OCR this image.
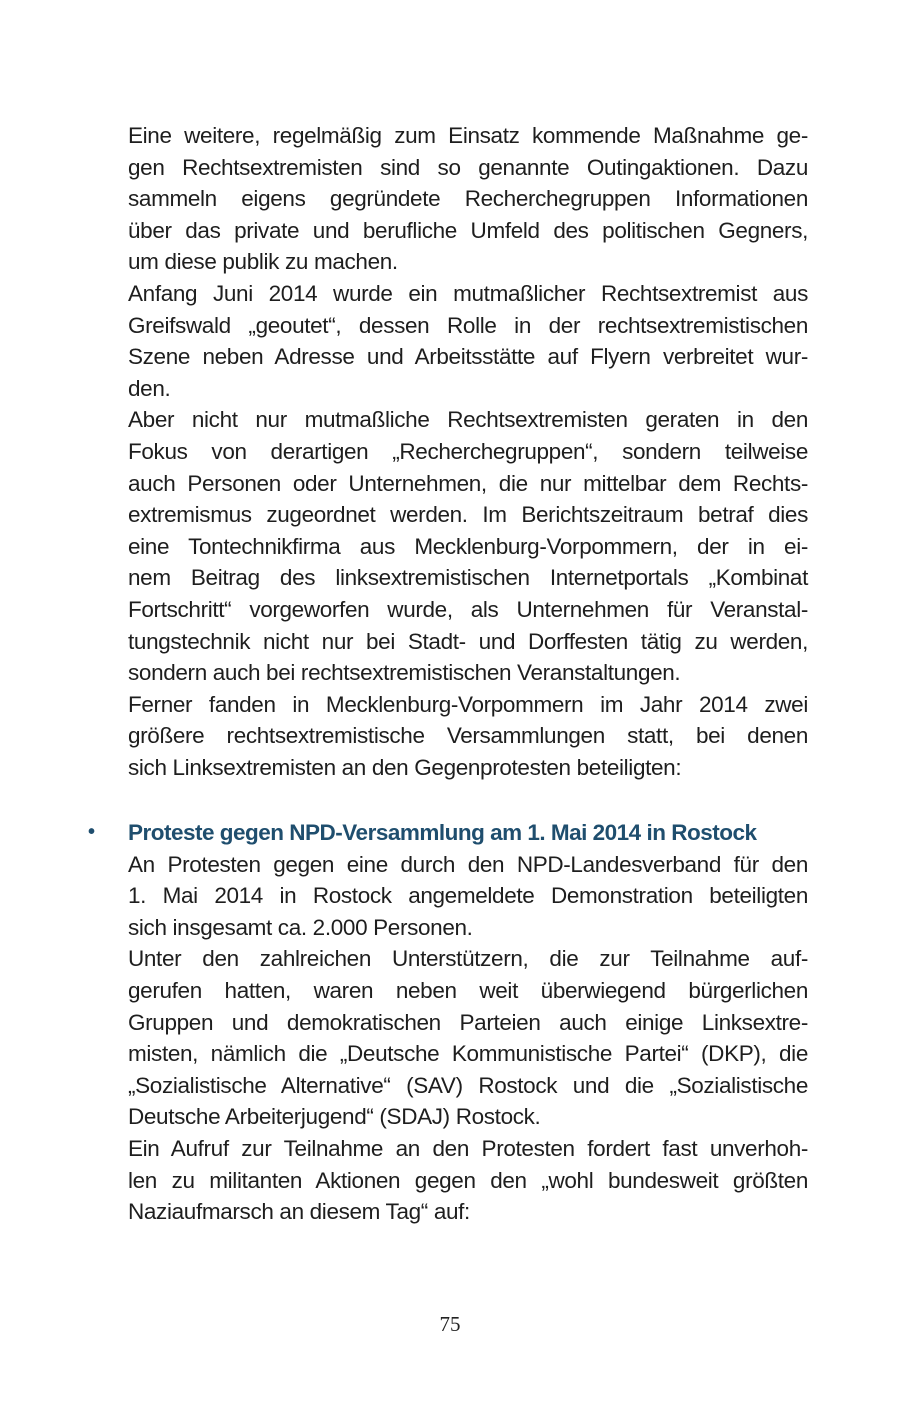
Eine weitere, regelmäßig zum Einsatz kommende Maßnahme ge-
gen Rechtsextremisten sind so genannte Outingaktionen. Dazu
sammeln eigens gegründete Recherchegruppen Informationen
über das private und berufliche Umfeld des politischen Gegners,
um diese publik zu machen.

Anfang Juni 2014 wurde ein mutmaßlicher Rechtsextremist aus
Greifswald „geoutet“, dessen Rolle in der rechtsextremistischen
Szene neben Adresse und Arbeitsstätte auf Flyern verbreitet wur-
den.

Aber nicht nur mutmaßliche Rechtsextremisten geraten in den
Fokus von derartigen „Recherchegruppen“, sondern teilweise
auch Personen oder Unternehmen, die nur mittelbar dem Rechts-
extremismus zugeordnet werden. Im Berichtszeitraum betraf dies
eine Tontechnikfirma aus Mecklenburg-Vorpommern, der in ei-
nem Beitrag des linksextremistischen Internetportals „Kombinat
Fortschritt“ vorgeworfen wurde, als Unternehmen für Veranstal-
tungstechnik nicht nur bei Stadt- und Dorffesten tätig zu werden,
sondern auch bei rechtsextremistischen Veranstaltungen.

Ferner fanden in Mecklenburg-Vorpommern im Jahr 2014 zwei
größere rechtsextremistische Versammlungen statt, bei denen
sich Linksextremisten an den Gegenprotesten beteiligten:

• Proteste gegen NPD-Versammlung am 1. Mai 2014 in Rostock

An Protesten gegen eine durch den NPD-Landesverband für den
1. Mai 2014 in Rostock angemeldete Demonstration beteiligten
sich insgesamt ca. 2.000 Personen.

Unter den zahlreichen Unterstützern, die zur Teilnahme auf-
gerufen hatten, waren neben weit überwiegend bürgerlichen
Gruppen und demokratischen Parteien auch einige Linksextre-
misten, nämlich die „Deutsche Kommunistische Partei“ (DKP), die
„Sozialistische Alternative“ (SAV) Rostock und die „Sozialistische
Deutsche Arbeiterjugend“ (SDAJ) Rostock.

Ein Aufruf zur Teilnahme an den Protesten fordert fast unverhoh-
len zu militanten Aktionen gegen den „wohl bundesweit größten
Naziaufmarsch an diesem Tag“ auf:

75
